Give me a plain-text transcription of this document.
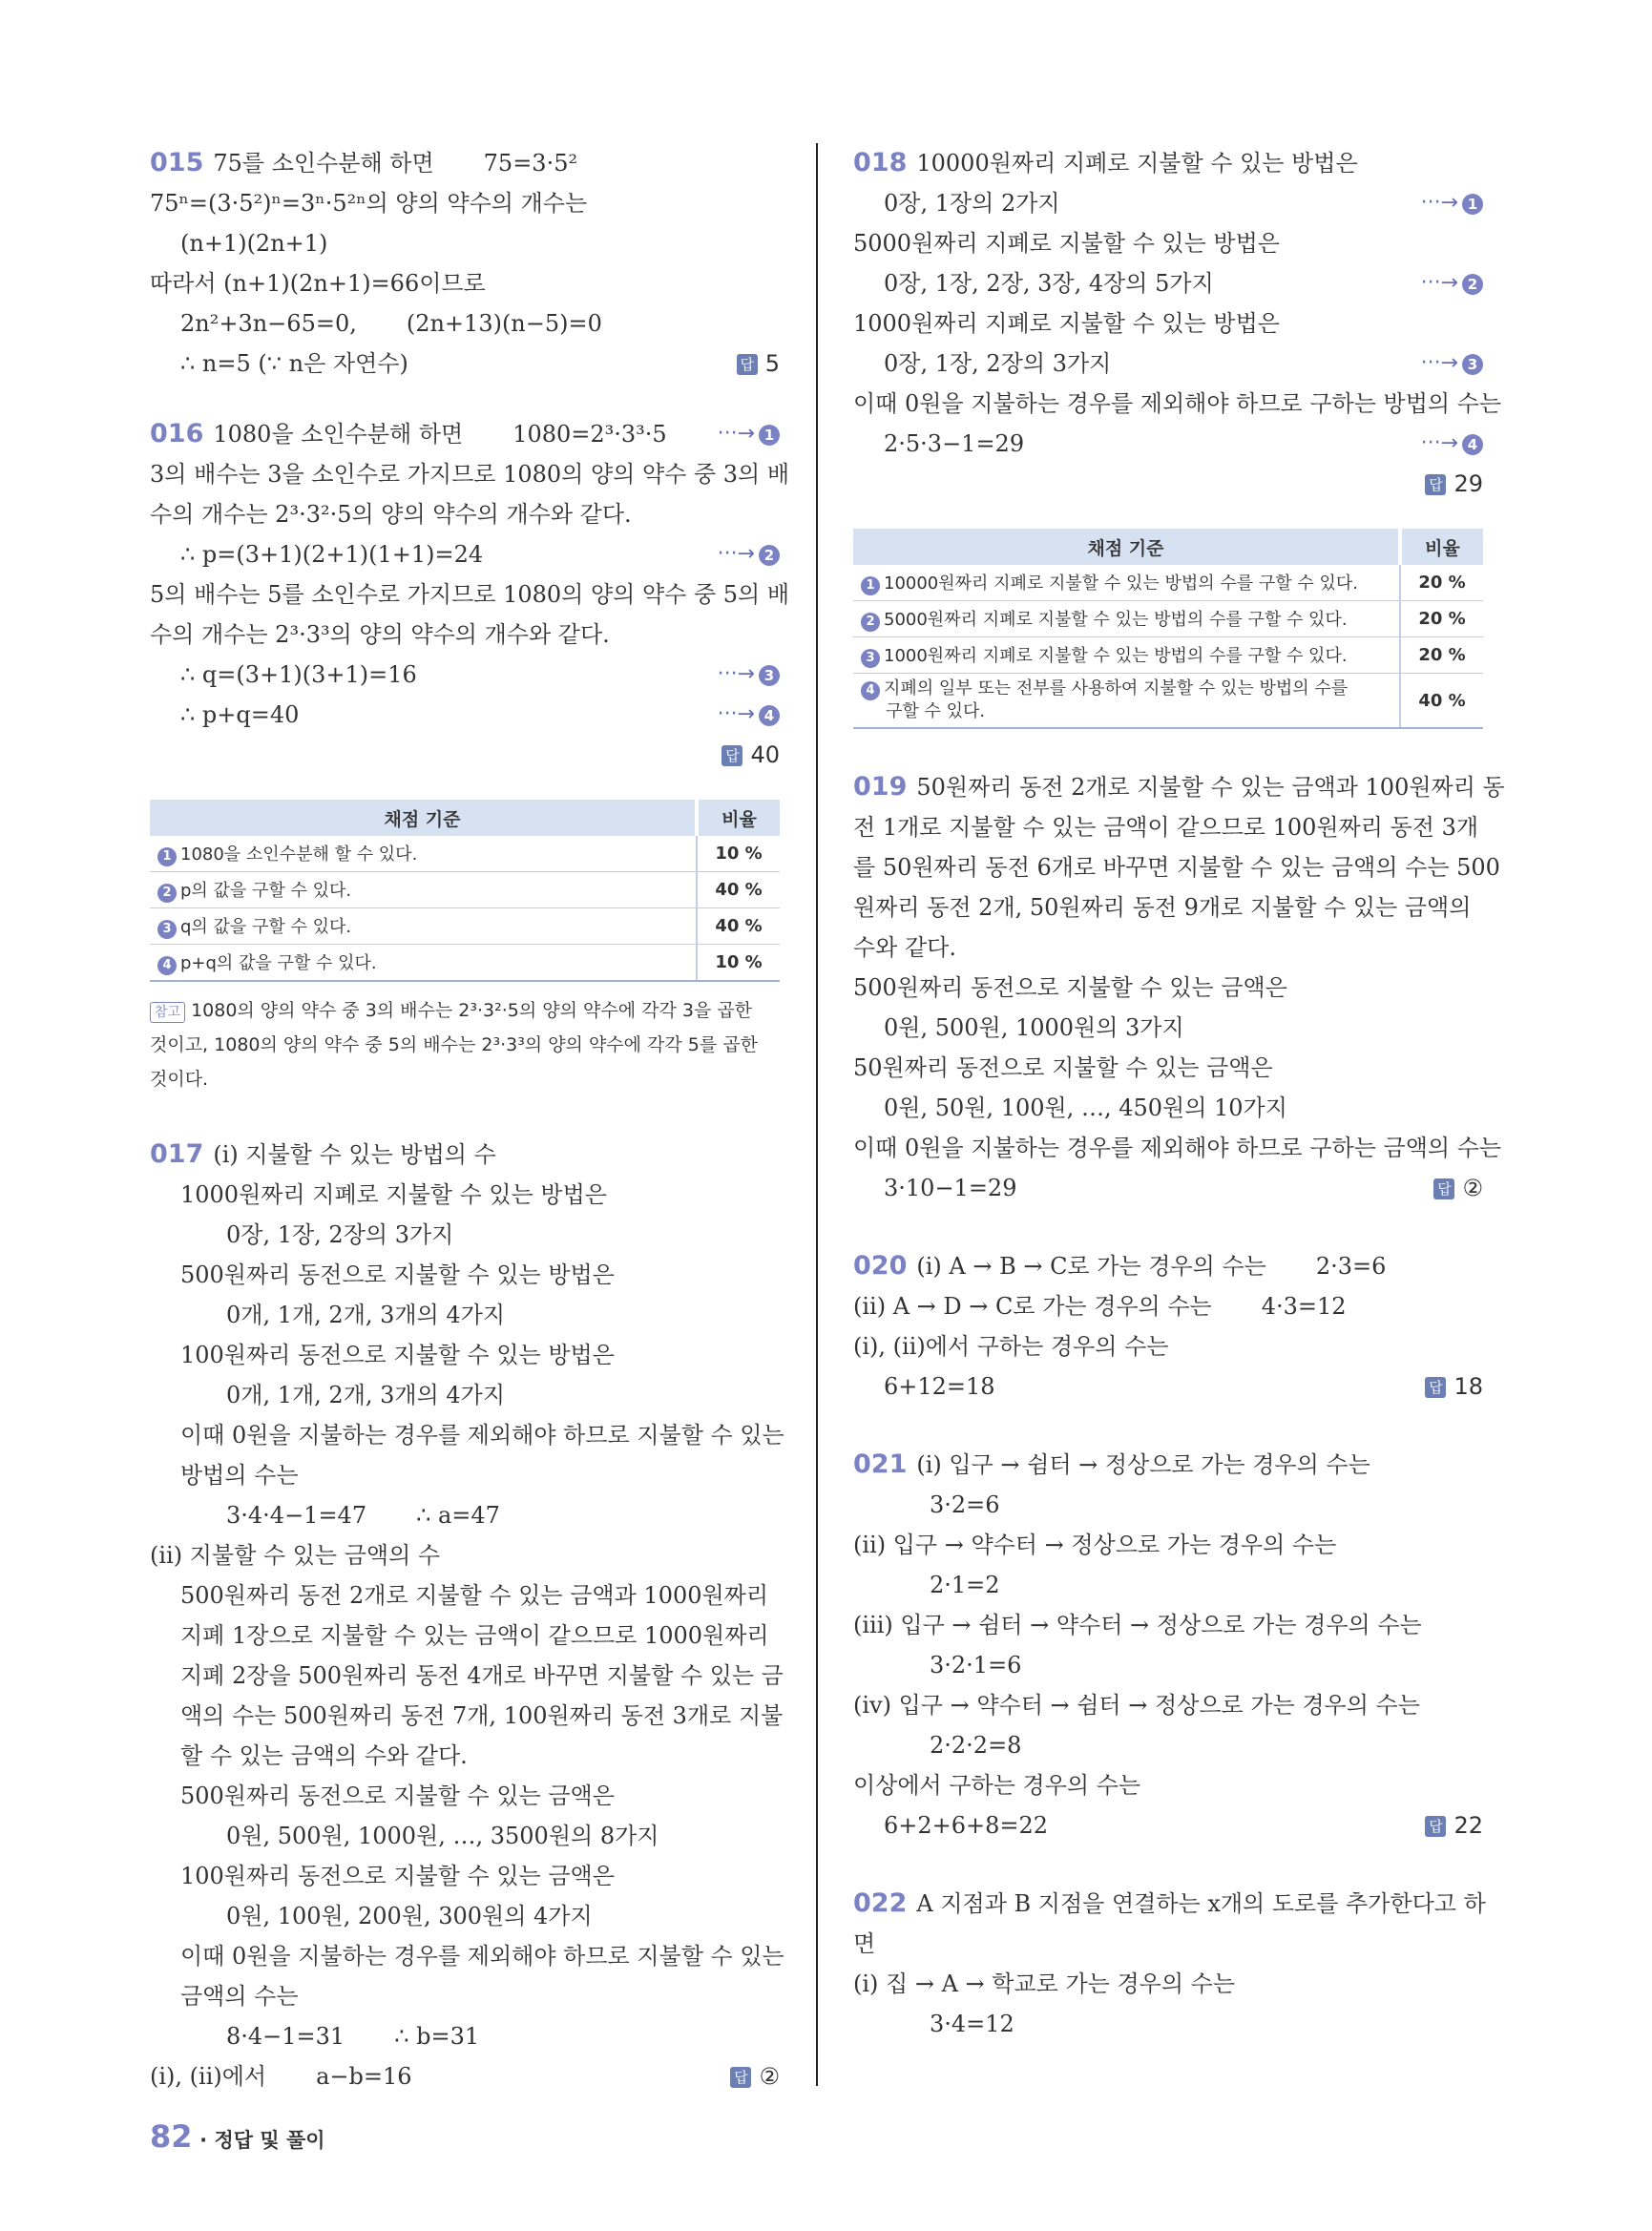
015 75를 소인수분해 하면 75=3·5²
75ⁿ=(3·5²)ⁿ=3ⁿ·5²ⁿ의 양의 약수의 개수는
(n+1)(2n+1)
따라서 (n+1)(2n+1)=66이므로
2n²+3n−65=0, (2n+13)(n−5)=0
∴ n=5 (∵ n은 자연수)	답 5
016 1080을 소인수분해 하면 1080=2³·3³·5 ···→ 1
3의 배수는 3을 소인수로 가지므로 1080의 양의 약수 중 3의 배
수의 개수는 2³·3²·5의 양의 약수의 개수와 같다.
∴ p=(3+1)(2+1)(1+1)=24	···→ 2
5의 배수는 5를 소인수로 가지므로 1080의 양의 약수 중 5의 배
수의 개수는 2³·3³의 양의 약수의 개수와 같다.
∴ q=(3+1)(3+1)=16	···→ 3
∴ p+q=40	···→ 4
답 40
채점 기준	비율
1 1080을 소인수분해 할 수 있다.	10 %
2 p의 값을 구할 수 있다.	40 %
3 q의 값을 구할 수 있다.	40 %
4 p+q의 값을 구할 수 있다.	10 %
참고 1080의 양의 약수 중 3의 배수는 2³·3²·5의 양의 약수에 각각 3을 곱한
것이고, 1080의 양의 약수 중 5의 배수는 2³·3³의 양의 약수에 각각 5를 곱한
것이다.
017 (ⅰ) 지불할 수 있는 방법의 수
1000원짜리 지폐로 지불할 수 있는 방법은
0장, 1장, 2장의 3가지
500원짜리 동전으로 지불할 수 있는 방법은
0개, 1개, 2개, 3개의 4가지
100원짜리 동전으로 지불할 수 있는 방법은
0개, 1개, 2개, 3개의 4가지
이때 0원을 지불하는 경우를 제외해야 하므로 지불할 수 있는
방법의 수는
3·4·4−1=47 ∴ a=47
(ⅱ) 지불할 수 있는 금액의 수
500원짜리 동전 2개로 지불할 수 있는 금액과 1000원짜리
지폐 1장으로 지불할 수 있는 금액이 같으므로 1000원짜리
지폐 2장을 500원짜리 동전 4개로 바꾸면 지불할 수 있는 금
액의 수는 500원짜리 동전 7개, 100원짜리 동전 3개로 지불
할 수 있는 금액의 수와 같다.
500원짜리 동전으로 지불할 수 있는 금액은
0원, 500원, 1000원, …, 3500원의 8가지
100원짜리 동전으로 지불할 수 있는 금액은
0원, 100원, 200원, 300원의 4가지
이때 0원을 지불하는 경우를 제외해야 하므로 지불할 수 있는
금액의 수는
8·4−1=31 ∴ b=31
(ⅰ), (ⅱ)에서 a−b=16	답 ②
018 10000원짜리 지폐로 지불할 수 있는 방법은
0장, 1장의 2가지	···→ 1
5000원짜리 지폐로 지불할 수 있는 방법은
0장, 1장, 2장, 3장, 4장의 5가지	···→ 2
1000원짜리 지폐로 지불할 수 있는 방법은
0장, 1장, 2장의 3가지	···→ 3
이때 0원을 지불하는 경우를 제외해야 하므로 구하는 방법의 수는
2·5·3−1=29	···→ 4
답 29
채점 기준	비율
1 10000원짜리 지폐로 지불할 수 있는 방법의 수를 구할 수 있다.	20 %
2 5000원짜리 지폐로 지불할 수 있는 방법의 수를 구할 수 있다.	20 %
3 1000원짜리 지폐로 지불할 수 있는 방법의 수를 구할 수 있다.	20 %
4 지폐의 일부 또는 전부를 사용하여 지불할 수 있는 방법의 수를
구할 수 있다.	40 %
019 50원짜리 동전 2개로 지불할 수 있는 금액과 100원짜리 동
전 1개로 지불할 수 있는 금액이 같으므로 100원짜리 동전 3개
를 50원짜리 동전 6개로 바꾸면 지불할 수 있는 금액의 수는 500
원짜리 동전 2개, 50원짜리 동전 9개로 지불할 수 있는 금액의
수와 같다.
500원짜리 동전으로 지불할 수 있는 금액은
0원, 500원, 1000원의 3가지
50원짜리 동전으로 지불할 수 있는 금액은
0원, 50원, 100원, …, 450원의 10가지
이때 0원을 지불하는 경우를 제외해야 하므로 구하는 금액의 수는
3·10−1=29	답 ②
020 (ⅰ) A → B → C로 가는 경우의 수는 2·3=6
(ⅱ) A → D → C로 가는 경우의 수는 4·3=12
(ⅰ), (ⅱ)에서 구하는 경우의 수는
6+12=18	답 18
021 (ⅰ) 입구 → 쉼터 → 정상으로 가는 경우의 수는
3·2=6
(ⅱ) 입구 → 약수터 → 정상으로 가는 경우의 수는
2·1=2
(ⅲ) 입구 → 쉼터 → 약수터 → 정상으로 가는 경우의 수는
3·2·1=6
(ⅳ) 입구 → 약수터 → 쉼터 → 정상으로 가는 경우의 수는
2·2·2=8
이상에서 구하는 경우의 수는
6+2+6+8=22	답 22
022 A 지점과 B 지점을 연결하는 x개의 도로를 추가한다고 하
면
(ⅰ) 집 → A → 학교로 가는 경우의 수는
3·4=12
82 · 정답 및 풀이
